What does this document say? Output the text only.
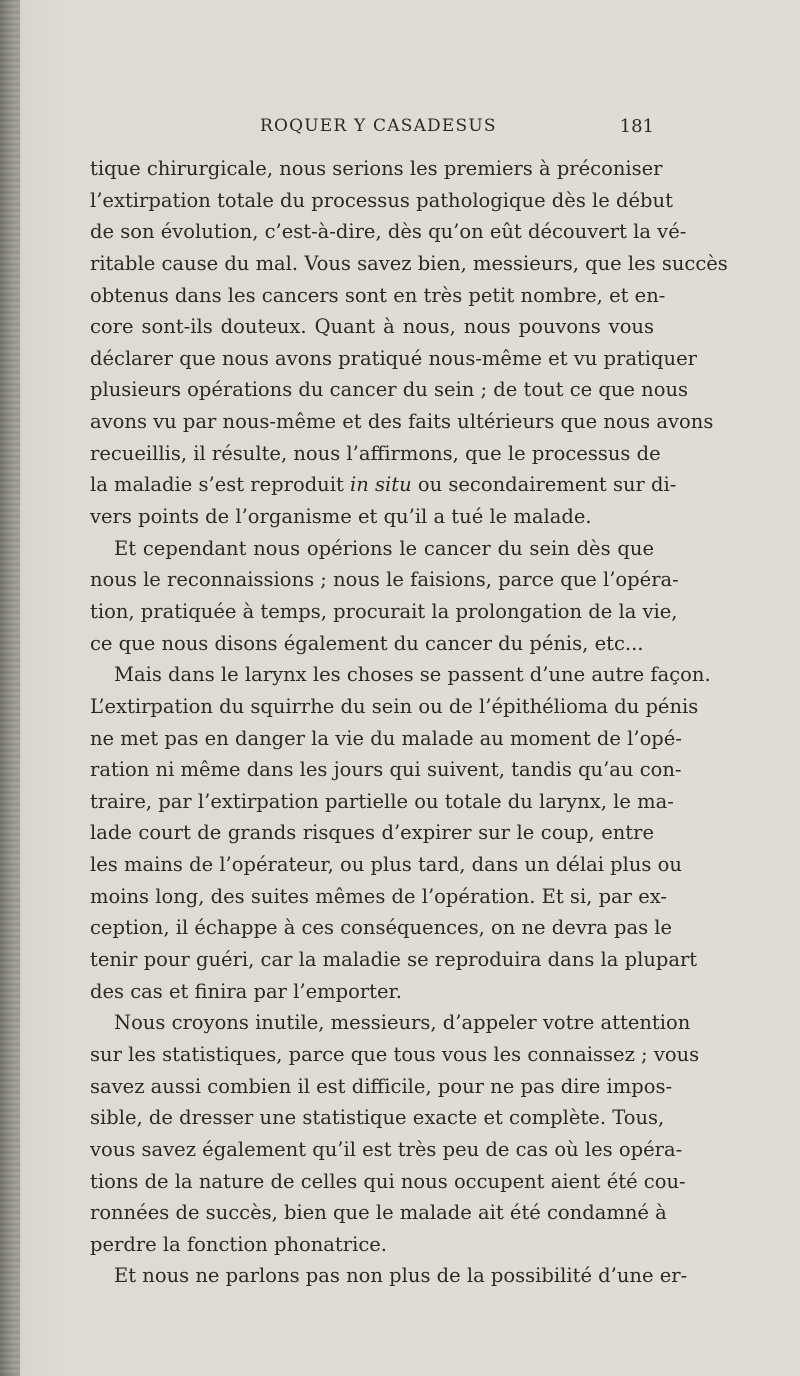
ROQUER Y CASADESUS	181
tique chirurgicale, nous serions les premiers à préconiser
l’extirpation totale du processus pathologique dès le début
de son évolution, c’est-à-dire, dès qu’on eût découvert la vé-
ritable cause du mal. Vous savez bien, messieurs, que les succès
obtenus dans les cancers sont en très petit nombre, et en-
core sont-ils douteux. Quant à nous, nous pouvons vous
déclarer que nous avons pratiqué nous-même et vu pratiquer
plusieurs opérations du cancer du sein ; de tout ce que nous
avons vu par nous-même et des faits ultérieurs que nous avons
recueillis, il résulte, nous l’affirmons, que le processus de
la maladie s’est reproduit in situ ou secondairement sur di-
vers points de l’organisme et qu’il a tué le malade.
Et cependant nous opérions le cancer du sein dès que
nous le reconnaissions ; nous le faisions, parce que l’opéra-
tion, pratiquée à temps, procurait la prolongation de la vie,
ce que nous disons également du cancer du pénis, etc...
Mais dans le larynx les choses se passent d’une autre façon.
L’extirpation du squirrhe du sein ou de l’épithélioma du pénis
ne met pas en danger la vie du malade au moment de l’opé-
ration ni même dans les jours qui suivent, tandis qu’au con-
traire, par l’extirpation partielle ou totale du larynx, le ma-
lade court de grands risques d’expirer sur le coup, entre
les mains de l’opérateur, ou plus tard, dans un délai plus ou
moins long, des suites mêmes de l’opération. Et si, par ex-
ception, il échappe à ces conséquences, on ne devra pas le
tenir pour guéri, car la maladie se reproduira dans la plupart
des cas et finira par l’emporter.
Nous croyons inutile, messieurs, d’appeler votre attention
sur les statistiques, parce que tous vous les connaissez ; vous
savez aussi combien il est difficile, pour ne pas dire impos-
sible, de dresser une statistique exacte et complète. Tous,
vous savez également qu’il est très peu de cas où les opéra-
tions de la nature de celles qui nous occupent aient été cou-
ronnées de succès, bien que le malade ait été condamné à
perdre la fonction phonatrice.
Et nous ne parlons pas non plus de la possibilité d’une er-
